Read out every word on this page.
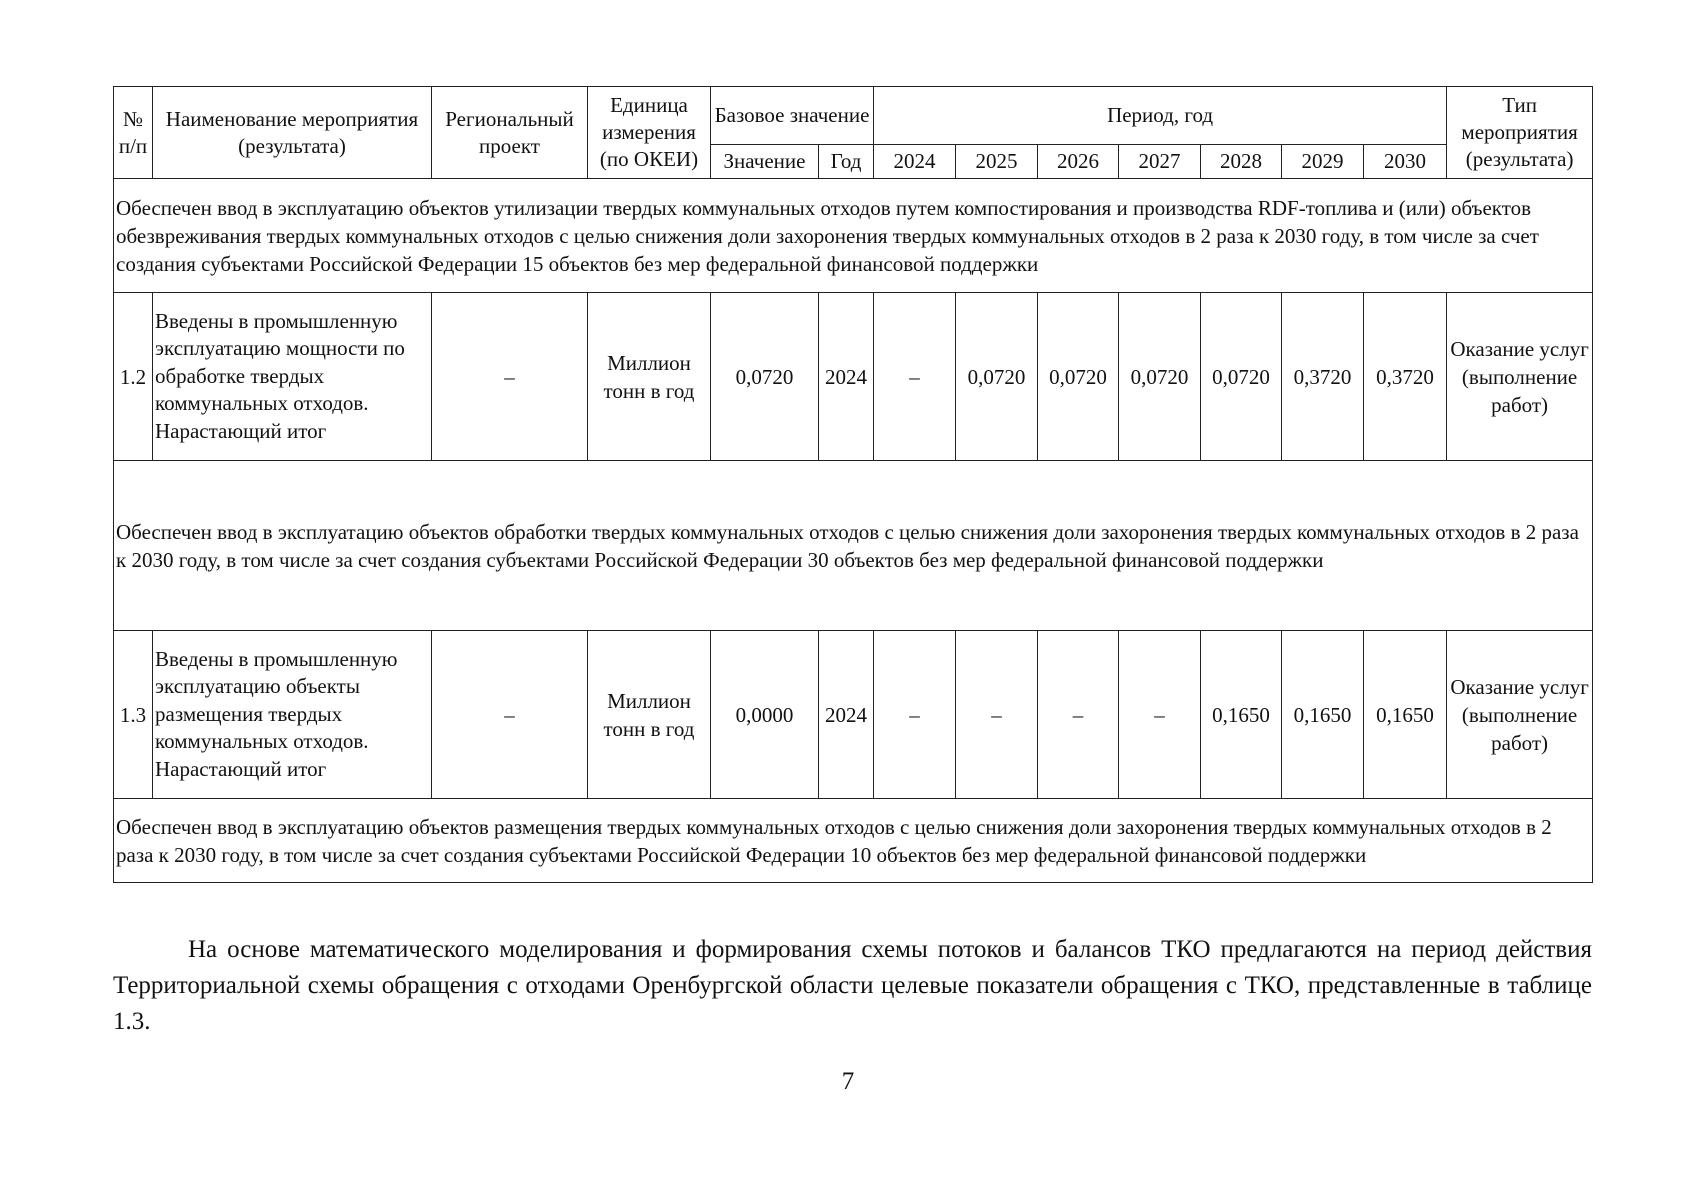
№ п/п	Наименование мероприятия (результата)	Региональный проект	Единица измерения (по ОКЕИ)	Базовое значение		Период, год							Тип мероприятия (результата)
				Значение	Год	2024	2025	2026	2027	2028	2029	2030	
Обеспечен ввод в эксплуатацию объектов утилизации твердых коммунальных отходов путем компостирования и производства RDF-топлива и (или) объектов обезвреживания твердых коммунальных отходов с целью снижения доли захоронения твердых коммунальных отходов в 2 раза к 2030 году, в том числе за счет создания субъектами Российской Федерации 15 объектов без мер федеральной финансовой поддержки													
1.2	Введены в промышленную эксплуатацию мощности по обработке твердых коммунальных отходов. Нарастающий итог	–	Миллион тонн в год	0,0720	2024	–	0,0720	0,0720	0,0720	0,0720	0,3720	0,3720	Оказание услуг (выполнение работ)
Обеспечен ввод в эксплуатацию объектов обработки твердых коммунальных отходов с целью снижения доли захоронения твердых коммунальных отходов в 2 раза к 2030 году, в том числе за счет создания субъектами Российской Федерации 30 объектов без мер федеральной финансовой поддержки													
1.3	Введены в промышленную эксплуатацию объекты размещения твердых коммунальных отходов. Нарастающий итог	–	Миллион тонн в год	0,0000	2024	–	–	–	–	0,1650	0,1650	0,1650	Оказание услуг (выполнение работ)
Обеспечен ввод в эксплуатацию объектов размещения твердых коммунальных отходов с целью снижения доли захоронения твердых коммунальных отходов в 2 раза к 2030 году, в том числе за счет создания субъектами Российской Федерации 10 объектов без мер федеральной финансовой поддержки													

На основе математического моделирования и формирования схемы потоков и балансов ТКО предлагаются на период действия Территориальной схемы обращения с отходами Оренбургской области целевые показатели обращения с ТКО, представленные в таблице 1.3.

7
